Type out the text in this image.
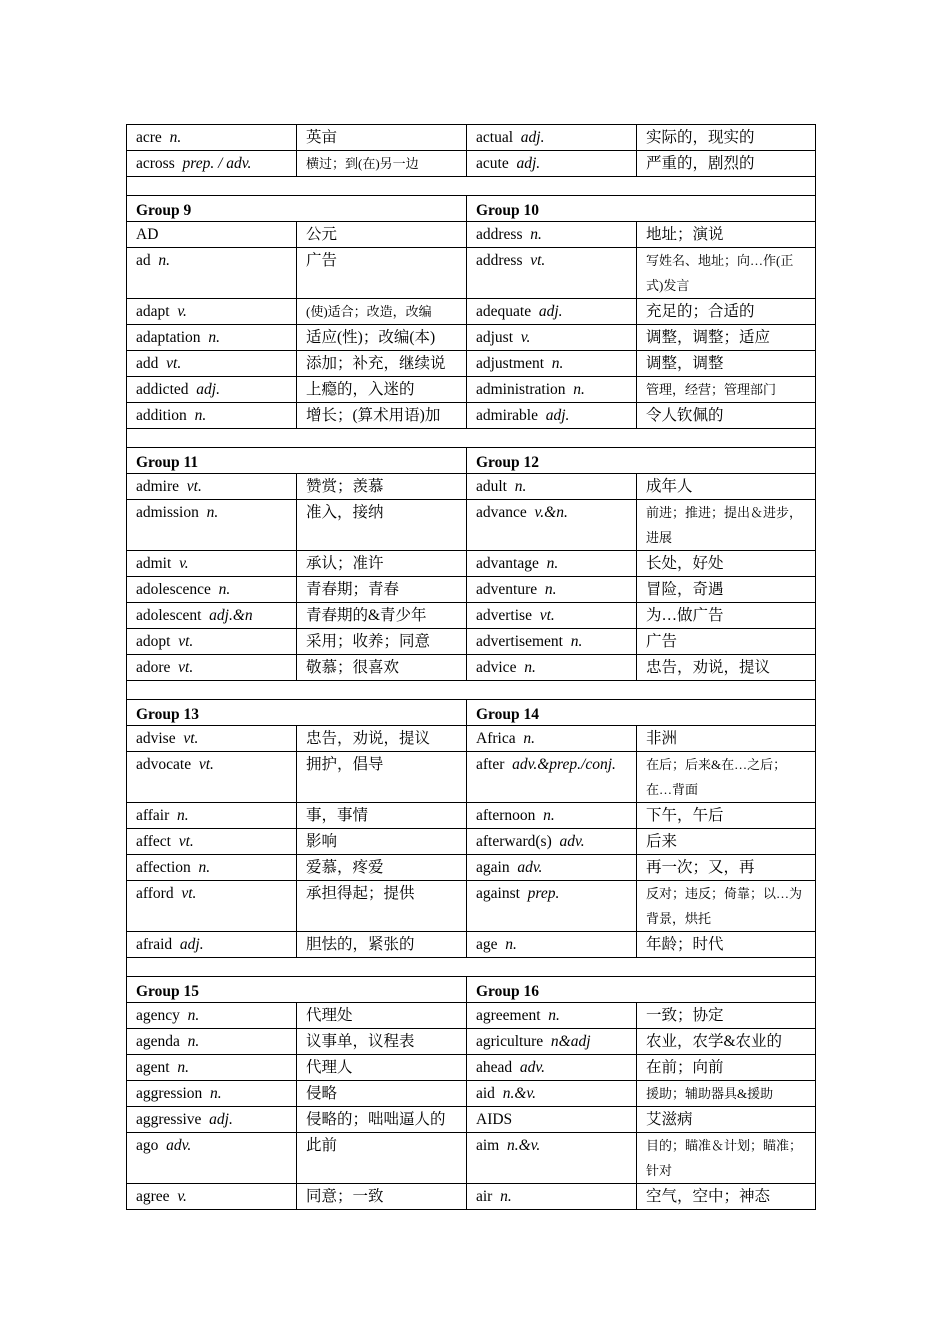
acre n.	英亩	actual adj.	实际的，现实的
across prep. / adv.	横过；到(在)另一边	acute adj.	严重的，剧烈的

Group 9		Group 10	
AD	公元	address n.	地址；演说
ad n.	广告	address vt.	写姓名、地址；向…作(正式)发言
adapt v.	(使)适合；改造，改编	adequate adj.	充足的；合适的
adaptation n.	适应(性)；改编(本)	adjust v.	调整，调整；适应
add vt.	添加；补充，继续说	adjustment n.	调整，调整
addicted adj.	上瘾的，入迷的	administration n.	管理，经营；管理部门
addition n.	增长；(算术用语)加	admirable adj.	令人钦佩的

Group 11		Group 12	
admire vt.	赞赏；羡慕	adult n.	成年人
admission n.	准入，接纳	advance v.&n.	前进；推进；提出＆进步，进展
admit v.	承认；准许	advantage n.	长处，好处
adolescence n.	青春期；青春	adventure n.	冒险，奇遇
adolescent adj.&n	青春期的&青少年	advertise vt.	为…做广告
adopt vt.	采用；收养；同意	advertisement n.	广告
adore vt.	敬慕；很喜欢	advice n.	忠告，劝说，提议

Group 13		Group 14	
advise vt.	忠告，劝说，提议	Africa n.	非洲
advocate vt.	拥护，倡导	after adv.&prep./conj.	在后；后来&在…之后；在…背面
affair n.	事，事情	afternoon n.	下午，午后
affect vt.	影响	afterward(s) adv.	后来
affection n.	爱慕，疼爱	again adv.	再一次；又，再
afford vt.	承担得起；提供	against prep.	反对；违反；倚靠；以…为背景，烘托
afraid adj.	胆怯的，紧张的	age n.	年龄；时代

Group 15		Group 16	
agency n.	代理处	agreement n.	一致；协定
agenda n.	议事单，议程表	agriculture n&adj	农业，农学&农业的
agent n.	代理人	ahead adv.	在前；向前
aggression n.	侵略	aid n.&v.	援助；辅助器具&援助
aggressive adj.	侵略的；咄咄逼人的	AIDS	艾滋病
ago adv.	此前	aim n.&v.	目的；瞄准＆计划；瞄准；针对
agree v.	同意；一致	air n.	空气，空中；神态
